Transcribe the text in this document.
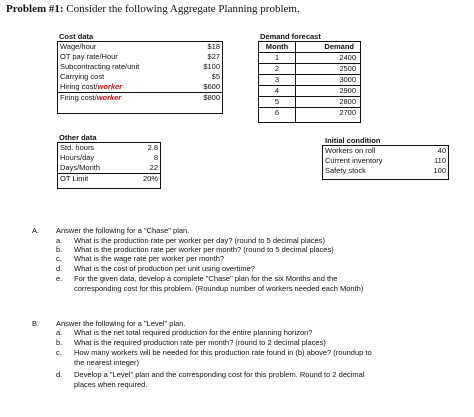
Problem #1: Consider the following Aggregate Planning problem.
Cost data
Wage/hour	$18
OT pay rate/Hour	$27
Subcontracting rate/unit	$100
Carrying cost	$5
Hiring cost/worker	$600
Firing cost/worker	$800
Demand forecast
Month	Demand
1	2400
2	2500
3	3000
4	2900
5	2800
6	2700
Other data
Std. hours	2.8
Hours/day	8
Days/Month	22
OT Limit	20%
Initial condition
Workers on roll	40
Current inventory	110
Safety stock	100
A. Answer the following for a "Chase" plan.
a.	What is the production rate per worker per day? (round to 5 decimal places)
b.	What is the production rate per worker per month? (round to 5 decimal places)
c.	What is the wage rate per worker per month?
d.	What is the cost of production per unit using overtime?
e.	For the given data, develop a complete "Chase" plan for the six Months and the
corresponding cost for this problem. (Roundup number of workers needed each Month)
B. Answer the following for a "Level" plan.
a.	What is the net total required production for the entire planning horizon?
b.	What is the required production rate per month? (round to 2 decimal places)
c.	How many workers will be needed for this production rate found in (b) above? (roundup to
the nearest integer)
d.	Develop a "Level" plan and the corresponding cost for this problem. Round to 2 decimal
places when required.
